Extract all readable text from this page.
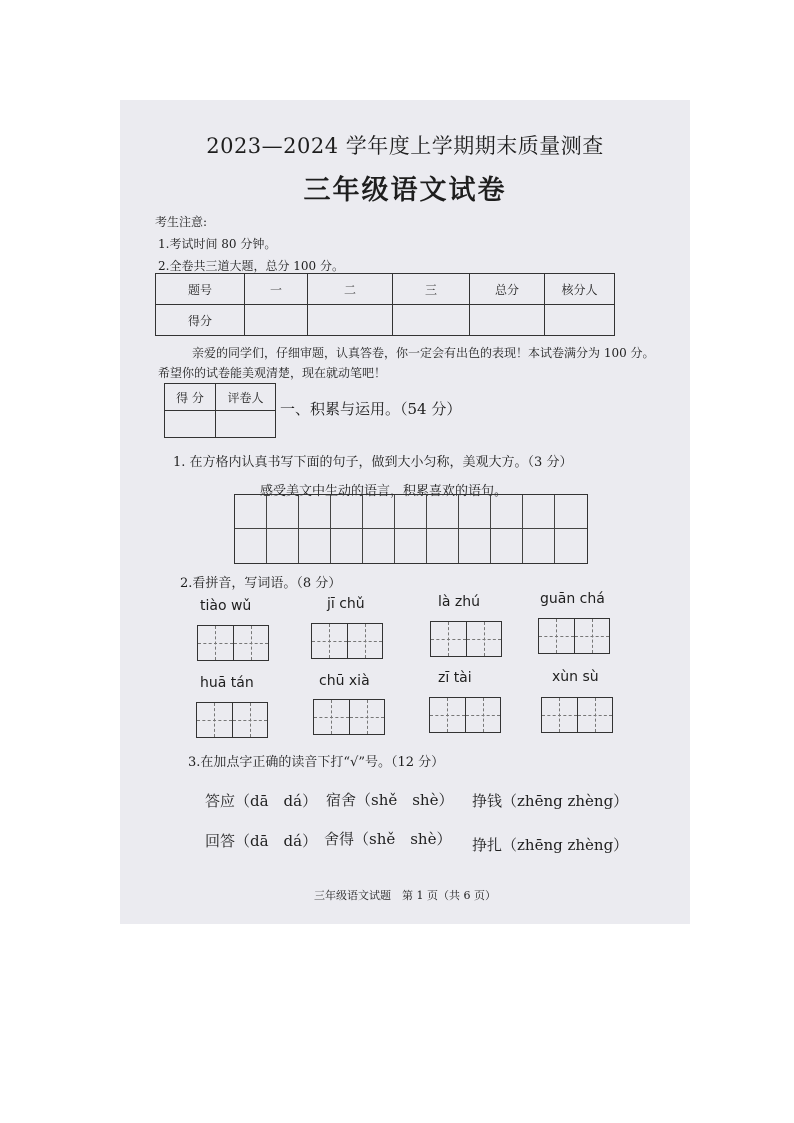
2023—2024 学年度上学期期末质量测查
三年级语文试卷
考生注意:
1.考试时间 80 分钟。
2.全卷共三道大题，总分 100 分。
题号	一	二	三	总分	核分人
得分					
亲爱的同学们，仔细审题，认真答卷，你一定会有出色的表现！本试卷满分为 100 分。
希望你的试卷能美观清楚，现在就动笔吧！
得 分	评卷人

一、积累与运用。（54 分）
1. 在方格内认真书写下面的句子，做到大小匀称，美观大方。（3 分）
感受美文中生动的语言，积累喜欢的语句。
2.看拼音，写词语。（8 分）
tiào wǔ	jī chǔ	là zhú	guān chá
huā tán	chū xià	zī tài	xùn sù
3.在加点字正确的读音下打“√”号。（12 分）
答应（dā　dá） 宿舍（shě　shè） 挣钱（zhēng zhèng）
回答（dā　dá） 舍得（shě　shè） 挣扎（zhēng zhèng）
三年级语文试题　第 1 页（共 6 页）
